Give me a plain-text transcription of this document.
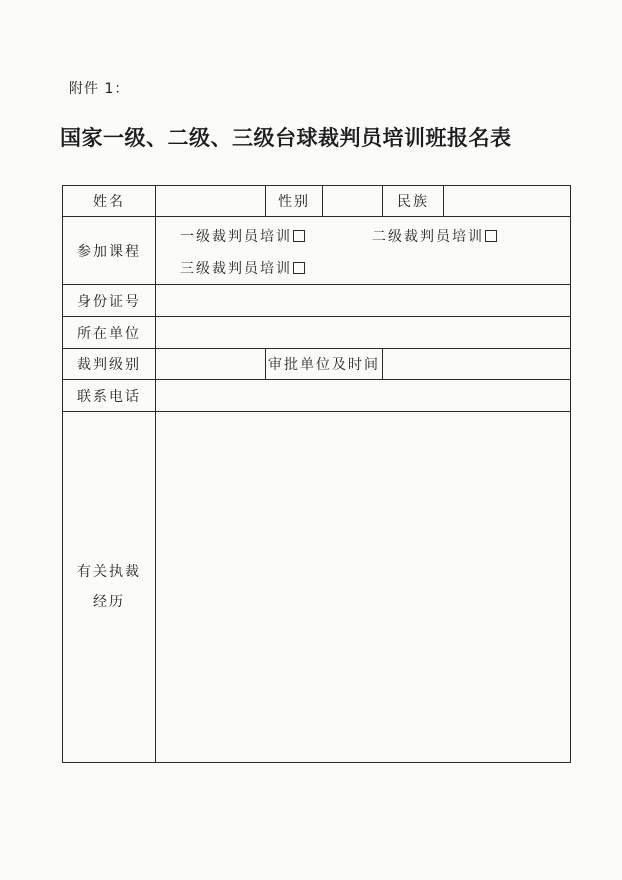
附件 1：
国家一级、二级、三级台球裁判员培训班报名表
姓名		性别		民族	
参加课程	一级裁判员培训 二级裁判员培训
三级裁判员培训				

身份证号					
所在单位					
裁判级别		审批单位及时间			
联系电话					

有关执裁
经历					
